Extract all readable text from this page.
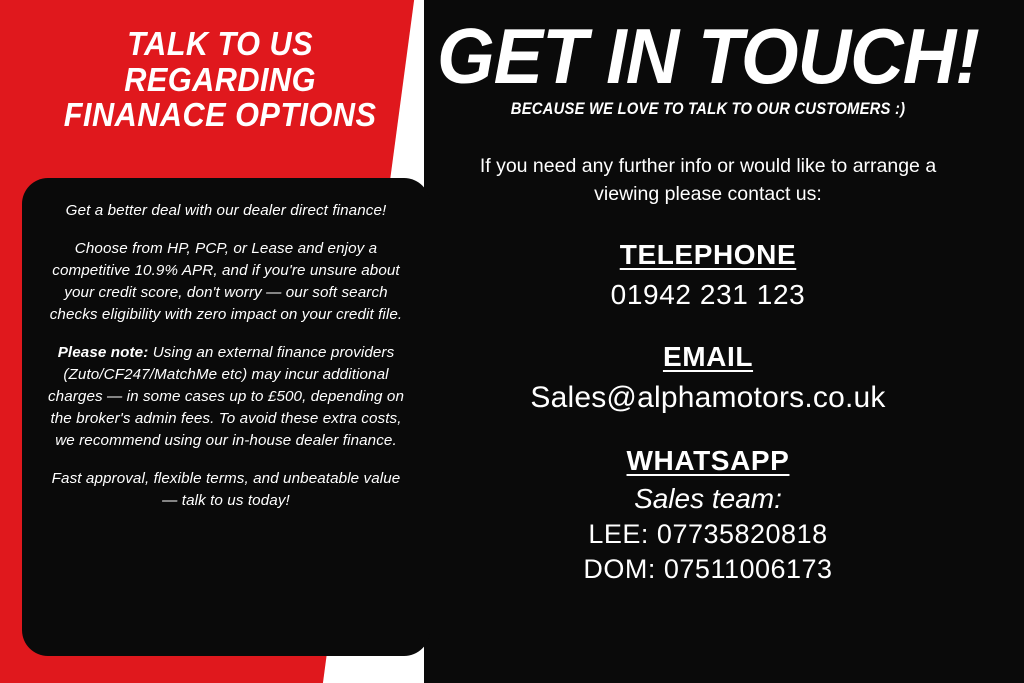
TALK TO US REGARDING FINANACE OPTIONS

Get a better deal with our dealer direct finance!

Choose from HP, PCP, or Lease and enjoy a competitive 10.9% APR, and if you're unsure about your credit score, don't worry — our soft search checks eligibility with zero impact on your credit file.

Please note: Using an external finance providers (Zuto/CF247/MatchMe etc) may incur additional charges — in some cases up to £500, depending on the broker's admin fees. To avoid these extra costs, we recommend using our in-house dealer finance.

Fast approval, flexible terms, and unbeatable value — talk to us today!

GET IN TOUCH!
BECAUSE WE LOVE TO TALK TO OUR CUSTOMERS :)
If you need any further info or would like to arrange a viewing please contact us:
TELEPHONE
01942 231 123
EMAIL
Sales@alphamotors.co.uk
WHATSAPP
Sales team:
LEE: 07735820818
DOM: 07511006173
